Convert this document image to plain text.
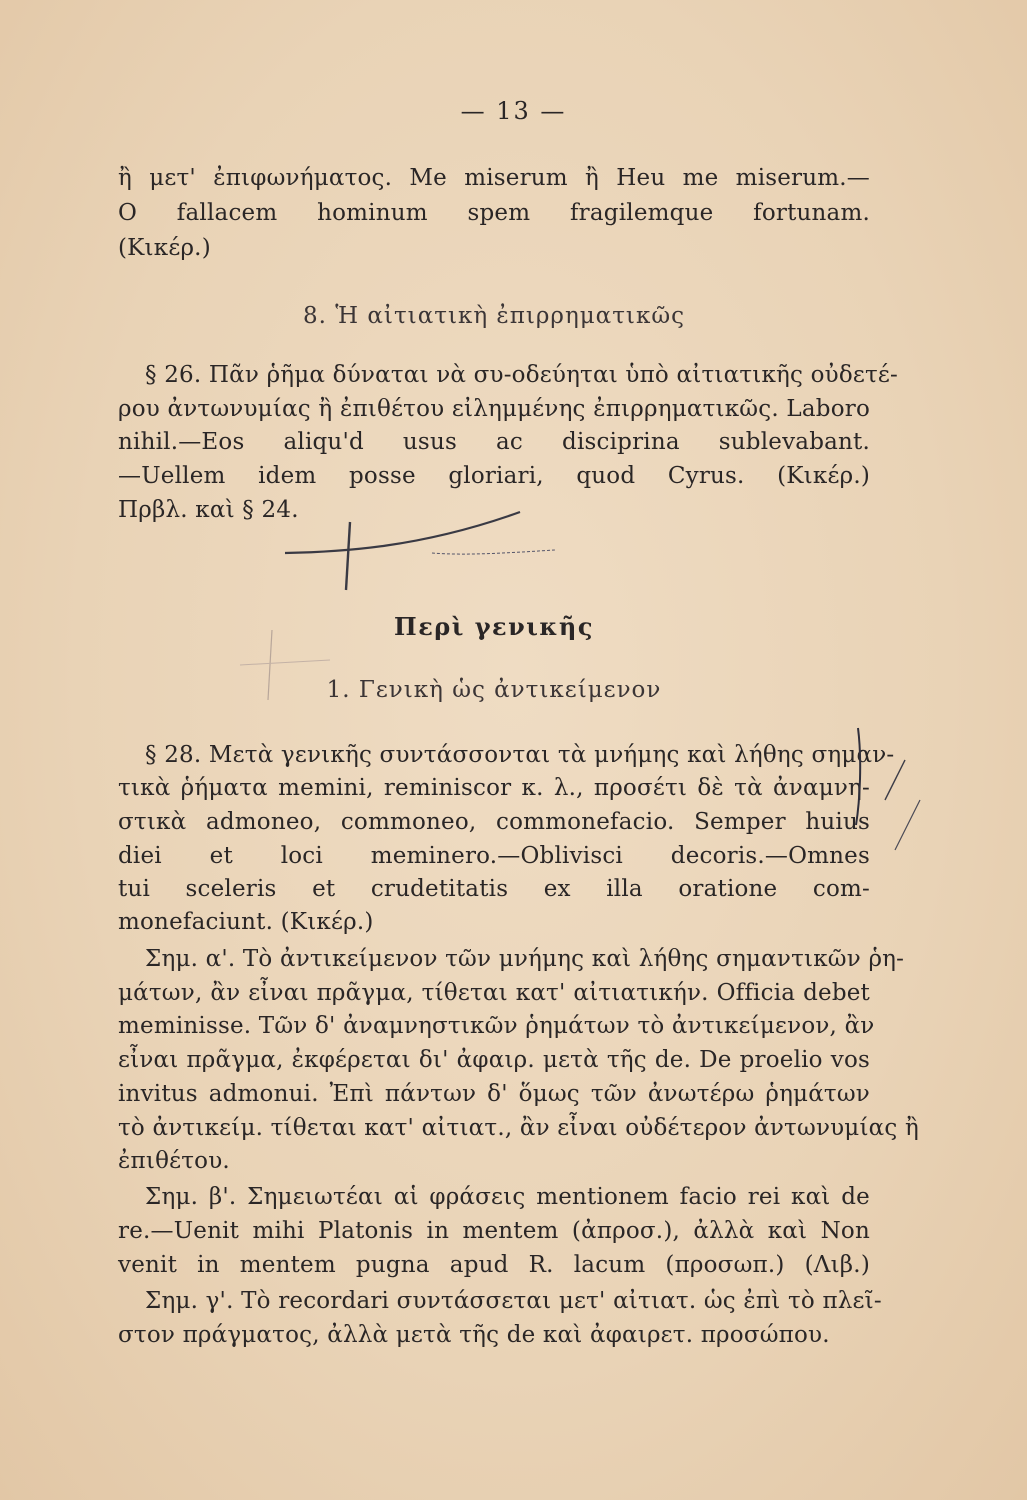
— 13 —
ἢ μετ' ἐπιφωνήματος. Me miserum ἢ Heu me miserum.—
O fallacem hominum spem fragilemque fortunam.
(Κικέρ.)
8. Ἡ αἰτιατικὴ ἐπιρρηματικῶς
§ 26. Πᾶν ῥῆμα δύναται νὰ συ-οδεύηται ὑπὸ αἰτιατικῆς οὐδετέ-
ρου ἀντωνυμίας ἢ ἐπιθέτου εἰλημμένης ἐπιρρηματικῶς. Laboro
nihil.—Eos aliqu'd usus ac disciprina sublevabant.
—Uellem idem posse gloriari, quod Cyrus. (Κικέρ.)
Πρβλ. καὶ § 24.
Περὶ γενικῆς
1. Γενικὴ ὡς ἀντικείμενον
§ 28. Μετὰ γενικῆς συντάσσονται τὰ μνήμης καὶ λήθης σημαν-
τικὰ ῥήματα memini, reminiscor κ. λ., προσέτι δὲ τὰ ἀναμνη-
στικὰ admoneo, commoneo, commonefacio. Semper huius
diei et loci meminero.—Oblivisci decoris.—Omnes
tui sceleris et crudetitatis ex illa oratione com-
monefaciunt. (Κικέρ.)
Σημ. α'. Τὸ ἀντικείμενον τῶν μνήμης καὶ λήθης σημαντικῶν ῥη-
μάτων, ἂν εἶναι πρᾶγμα, τίθεται κατ' αἰτιατικήν. Officia debet
meminisse. Τῶν δ' ἀναμνηστικῶν ῥημάτων τὸ ἀντικείμενον, ἂν
εἶναι πρᾶγμα, ἐκφέρεται δι' ἀφαιρ. μετὰ τῆς de. De proelio vos
invitus admonui. Ἐπὶ πάντων δ' ὅμως τῶν ἀνωτέρω ῥημάτων
τὸ ἀντικείμ. τίθεται κατ' αἰτιατ., ἂν εἶναι οὐδέτερον ἀντωνυμίας ἢ
ἐπιθέτου.
Σημ. β'. Σημειωτέαι αἱ φράσεις mentionem facio rei καὶ de
re.—Uenit mihi Platonis in mentem (ἀπροσ.), ἀλλὰ καὶ Non
venit in mentem pugna apud R. lacum (προσωπ.) (Λιβ.)
Σημ. γ'. Τὸ recordari συντάσσεται μετ' αἰτιατ. ὡς ἐπὶ τὸ πλεῖ-
στον πράγματος, ἀλλὰ μετὰ τῆς de καὶ ἀφαιρετ. προσώπου.
